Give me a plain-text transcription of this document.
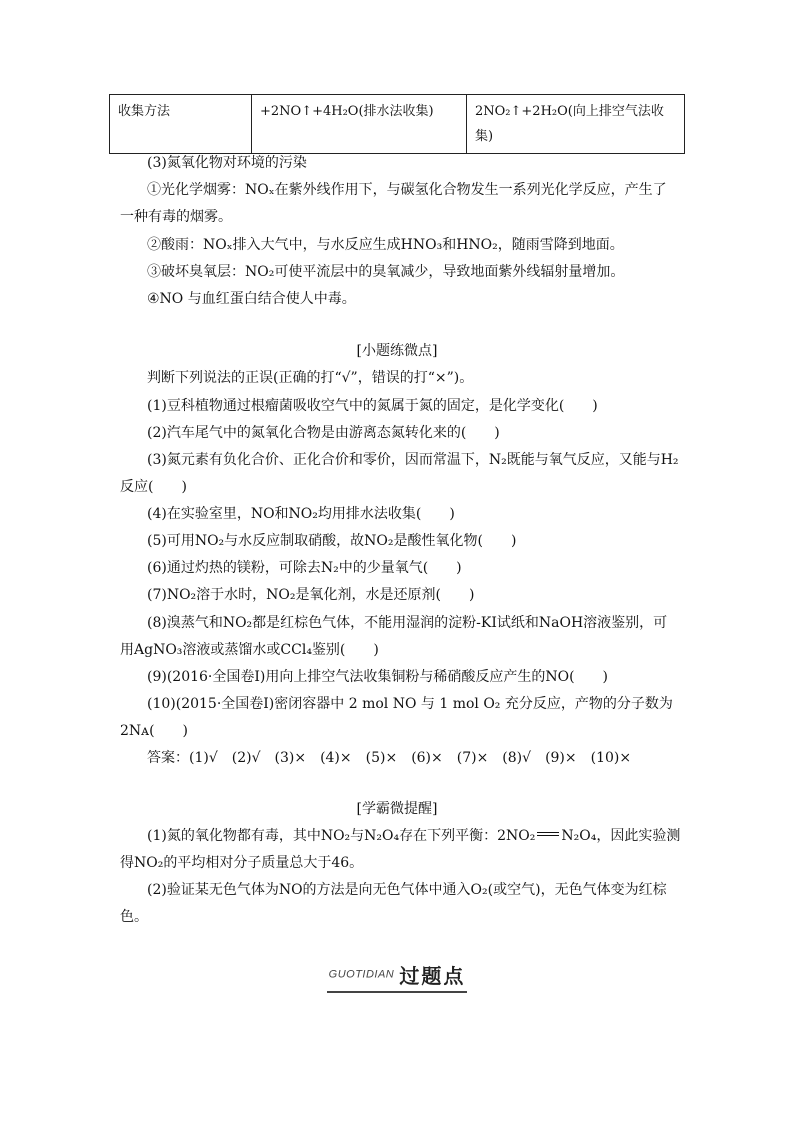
收集方法	+2NO↑+4H₂O(排水法收集)	2NO₂↑+2H₂O(向上排空气法收
集)
(3)氮氧化物对环境的污染
①光化学烟雾：NOₓ在紫外线作用下，与碳氢化合物发生一系列光化学反应，产生了
一种有毒的烟雾。
②酸雨：NOₓ排入大气中，与水反应生成HNO₃和HNO₂，随雨雪降到地面。
③破坏臭氧层：NO₂可使平流层中的臭氧减少，导致地面紫外线辐射量增加。
④NO 与血红蛋白结合使人中毒。
[小题练微点]
判断下列说法的正误(正确的打“√”，错误的打“×”)。
(1)豆科植物通过根瘤菌吸收空气中的氮属于氮的固定，是化学变化(　　)
(2)汽车尾气中的氮氧化合物是由游离态氮转化来的(　　)
(3)氮元素有负化合价、正化合价和零价，因而常温下，N₂既能与氧气反应，又能与H₂
反应(　　)
(4)在实验室里，NO和NO₂均用排水法收集(　　)
(5)可用NO₂与水反应制取硝酸，故NO₂是酸性氧化物(　　)
(6)通过灼热的镁粉，可除去N₂中的少量氧气(　　)
(7)NO₂溶于水时，NO₂是氧化剂，水是还原剂(　　)
(8)溴蒸气和NO₂都是红棕色气体，不能用湿润的淀粉-KI试纸和NaOH溶液鉴别，可
用AgNO₃溶液或蒸馏水或CCl₄鉴别(　　)
(9)(2016·全国卷Ⅰ)用向上排空气法收集铜粉与稀硝酸反应产生的NO(　　)
(10)(2015·全国卷Ⅰ)密闭容器中 2 mol NO 与 1 mol O₂ 充分反应，产物的分子数为
2Nᴀ(　　)
答案：(1)√　(2)√　(3)×　(4)×　(5)×　(6)×　(7)×　(8)√　(9)×　(10)×
[学霸微提醒]
(1)氮的氧化物都有毒，其中NO₂与N₂O₄存在下列平衡：2NO₂ N₂O₄，因此实验测
得NO₂的平均相对分子质量总大于46。
(2)验证某无色气体为NO的方法是向无色气体中通入O₂(或空气)，无色气体变为红棕
色。
GUOTIDIAN 过题点
